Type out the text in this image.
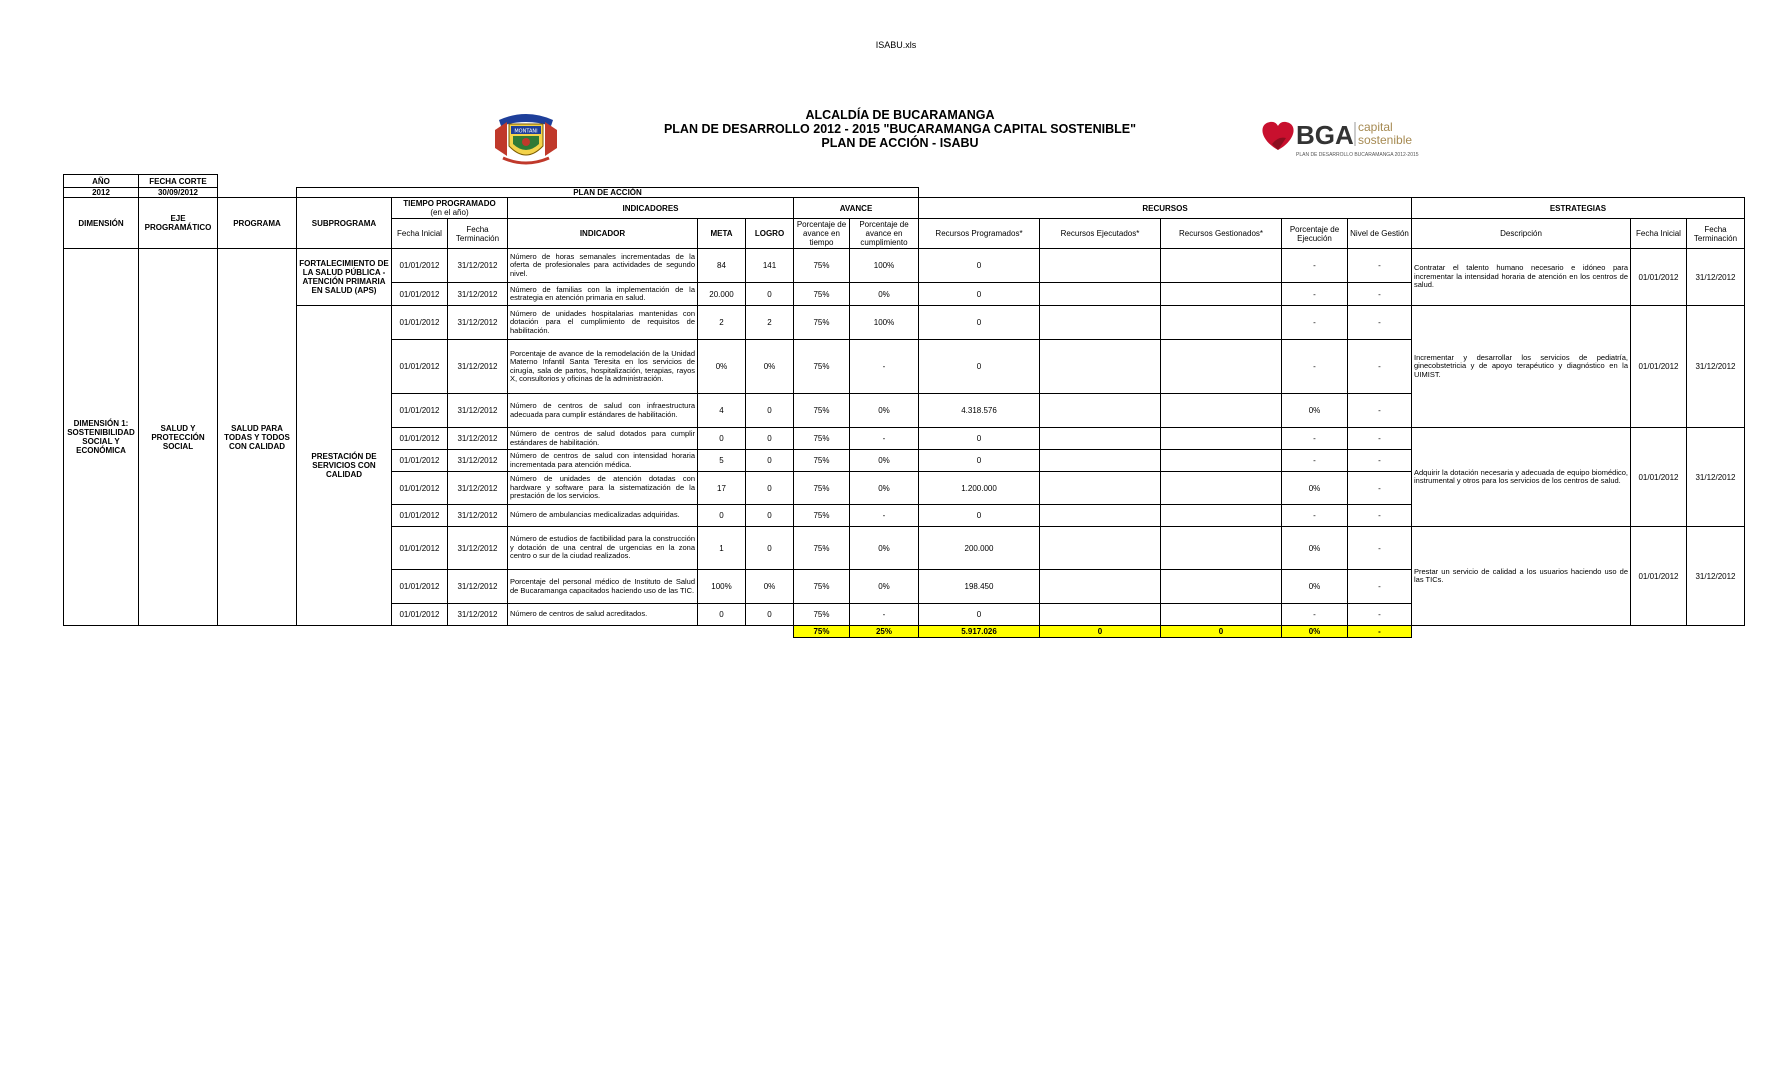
ISABU.xls
MONTANI
ALCALDÍA DE BUCARAMANGA
PLAN DE DESARROLLO 2012 - 2015 "BUCARAMANGA CAPITAL SOSTENIBLE"
PLAN DE ACCIÓN - ISABU	BGA capital
sostenible
PLAN DE DESARROLLO BUCARAMANGA 2012-2015
AÑO	FECHA CORTE																	
2012	30/09/2012		PLAN DE ACCIÓN															
DIMENSIÓN	EJE PROGRAMÁTICO	PROGRAMA	SUBPROGRAMA	TIEMPO PROGRAMADO
(en el año)		INDICADORES			AVANCE		RECURSOS					ESTRATEGIAS		
				Fecha Inicial	Fecha Terminación	INDICADOR	META	LOGRO	Porcentaje de avance en tiempo	Porcentaje de avance en cumplimiento	Recursos Programados*	Recursos Ejecutados*	Recursos Gestionados*	Porcentaje de Ejecución	Nivel de Gestión	Descripción	Fecha Inicial	Fecha Terminación
DIMENSIÓN 1: SOSTENIBILIDAD SOCIAL Y ECONÓMICA	SALUD Y PROTECCIÓN SOCIAL	SALUD PARA TODAS Y TODOS CON CALIDAD	FORTALECIMIENTO DE LA SALUD PÚBLICA - ATENCIÓN PRIMARIA EN SALUD (APS)	01/01/2012	31/12/2012	Número de horas semanales incrementadas de la oferta de profesionales para actividades de segundo nivel.	84	141	75%	100%	0			-	-	Contratar el talento humano necesario e idóneo para incrementar la intensidad horaria de atención en los centros de salud.	01/01/2012	31/12/2012
				01/01/2012	31/12/2012	Número de familias con la implementación de la estrategia en atención primaria en salud.	20.000	0	75%	0%	0			-	-			
			PRESTACIÓN DE SERVICIOS CON CALIDAD	01/01/2012	31/12/2012	Número de unidades hospitalarias mantenidas con dotación para el cumplimiento de requisitos de habilitación.	2	2	75%	100%	0			-	-	Incrementar y desarrollar los servicios de pediatría, ginecobstetricia y de apoyo terapéutico y diagnóstico en la UIMIST.	01/01/2012	31/12/2012
				01/01/2012	31/12/2012	Porcentaje de avance de la remodelación de la Unidad Materno Infantil Santa Teresita en los servicios de cirugía, sala de partos, hospitalización, terapias, rayos X, consultorios y oficinas de la administración.	0%	0%	75%	-	0			-	-			
				01/01/2012	31/12/2012	Número de centros de salud con infraestructura adecuada para cumplir estándares de habilitación.	4	0	75%	0%	4.318.576			0%	-			
				01/01/2012	31/12/2012	Número de centros de salud dotados para cumplir estándares de habilitación.	0	0	75%	-	0			-	-	Adquirir la dotación necesaria y adecuada de equipo biomédico, instrumental y otros para los servicios de los centros de salud.	01/01/2012	31/12/2012
				01/01/2012	31/12/2012	Número de centros de salud con intensidad horaria incrementada para atención médica.	5	0	75%	0%	0			-	-			
				01/01/2012	31/12/2012	Número de unidades de atención dotadas con hardware y software para la sistematización de la prestación de los servicios.	17	0	75%	0%	1.200.000			0%	-			
				01/01/2012	31/12/2012	Número de ambulancias medicalizadas adquiridas.	0	0	75%	-	0			-	-			
				01/01/2012	31/12/2012	Número de estudios de factibilidad para la construcción y dotación de una central de urgencias en la zona centro o sur de la ciudad realizados.	1	0	75%	0%	200.000			0%	-	Prestar un servicio de calidad a los usuarios haciendo uso de las TICs.	01/01/2012	31/12/2012
				01/01/2012	31/12/2012	Porcentaje del personal médico de Instituto de Salud de Bucaramanga capacitados haciendo uso de las TIC.	100%	0%	75%	0%	198.450			0%	-			
				01/01/2012	31/12/2012	Número de centros de salud acreditados.	0	0	75%	-	0			-	-			
									75%	25%	5.917.026	0	0	0%	-			
